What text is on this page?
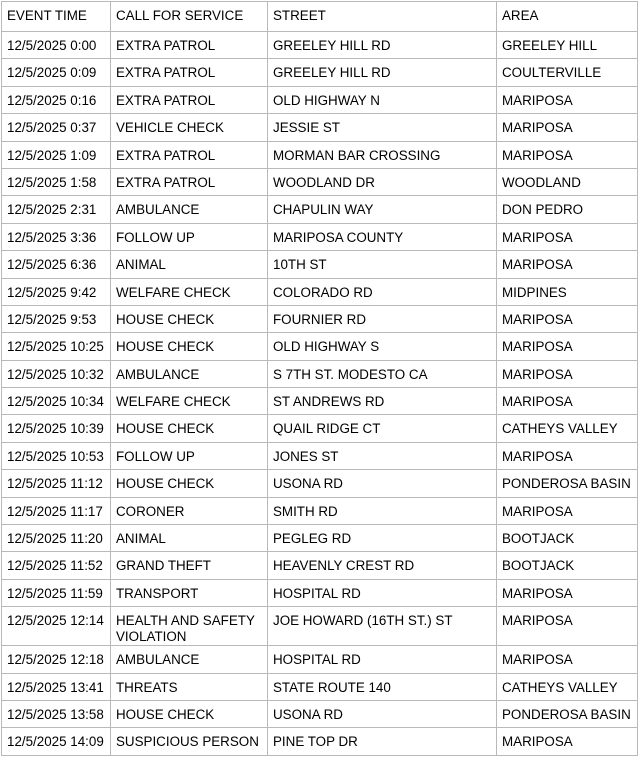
EVENT TIME	CALL FOR SERVICE	STREET	AREA
12/5/2025 0:00	EXTRA PATROL	GREELEY HILL RD	GREELEY HILL
12/5/2025 0:09	EXTRA PATROL	GREELEY HILL RD	COULTERVILLE
12/5/2025 0:16	EXTRA PATROL	OLD HIGHWAY N	MARIPOSA
12/5/2025 0:37	VEHICLE CHECK	JESSIE ST	MARIPOSA
12/5/2025 1:09	EXTRA PATROL	MORMAN BAR CROSSING	MARIPOSA
12/5/2025 1:58	EXTRA PATROL	WOODLAND DR	WOODLAND
12/5/2025 2:31	AMBULANCE	CHAPULIN WAY	DON PEDRO
12/5/2025 3:36	FOLLOW UP	MARIPOSA COUNTY	MARIPOSA
12/5/2025 6:36	ANIMAL	10TH ST	MARIPOSA
12/5/2025 9:42	WELFARE CHECK	COLORADO RD	MIDPINES
12/5/2025 9:53	HOUSE CHECK	FOURNIER RD	MARIPOSA
12/5/2025 10:25	HOUSE CHECK	OLD HIGHWAY S	MARIPOSA
12/5/2025 10:32	AMBULANCE	S 7TH ST. MODESTO CA	MARIPOSA
12/5/2025 10:34	WELFARE CHECK	ST ANDREWS RD	MARIPOSA
12/5/2025 10:39	HOUSE CHECK	QUAIL RIDGE CT	CATHEYS VALLEY
12/5/2025 10:53	FOLLOW UP	JONES ST	MARIPOSA
12/5/2025 11:12	HOUSE CHECK	USONA RD	PONDEROSA BASIN
12/5/2025 11:17	CORONER	SMITH RD	MARIPOSA
12/5/2025 11:20	ANIMAL	PEGLEG RD	BOOTJACK
12/5/2025 11:52	GRAND THEFT	HEAVENLY CREST RD	BOOTJACK
12/5/2025 11:59	TRANSPORT	HOSPITAL RD	MARIPOSA
12/5/2025 12:14	HEALTH AND SAFETY VIOLATION	JOE HOWARD (16TH ST.) ST	MARIPOSA
12/5/2025 12:18	AMBULANCE	HOSPITAL RD	MARIPOSA
12/5/2025 13:41	THREATS	STATE ROUTE 140	CATHEYS VALLEY
12/5/2025 13:58	HOUSE CHECK	USONA RD	PONDEROSA BASIN
12/5/2025 14:09	SUSPICIOUS PERSON	PINE TOP DR	MARIPOSA
